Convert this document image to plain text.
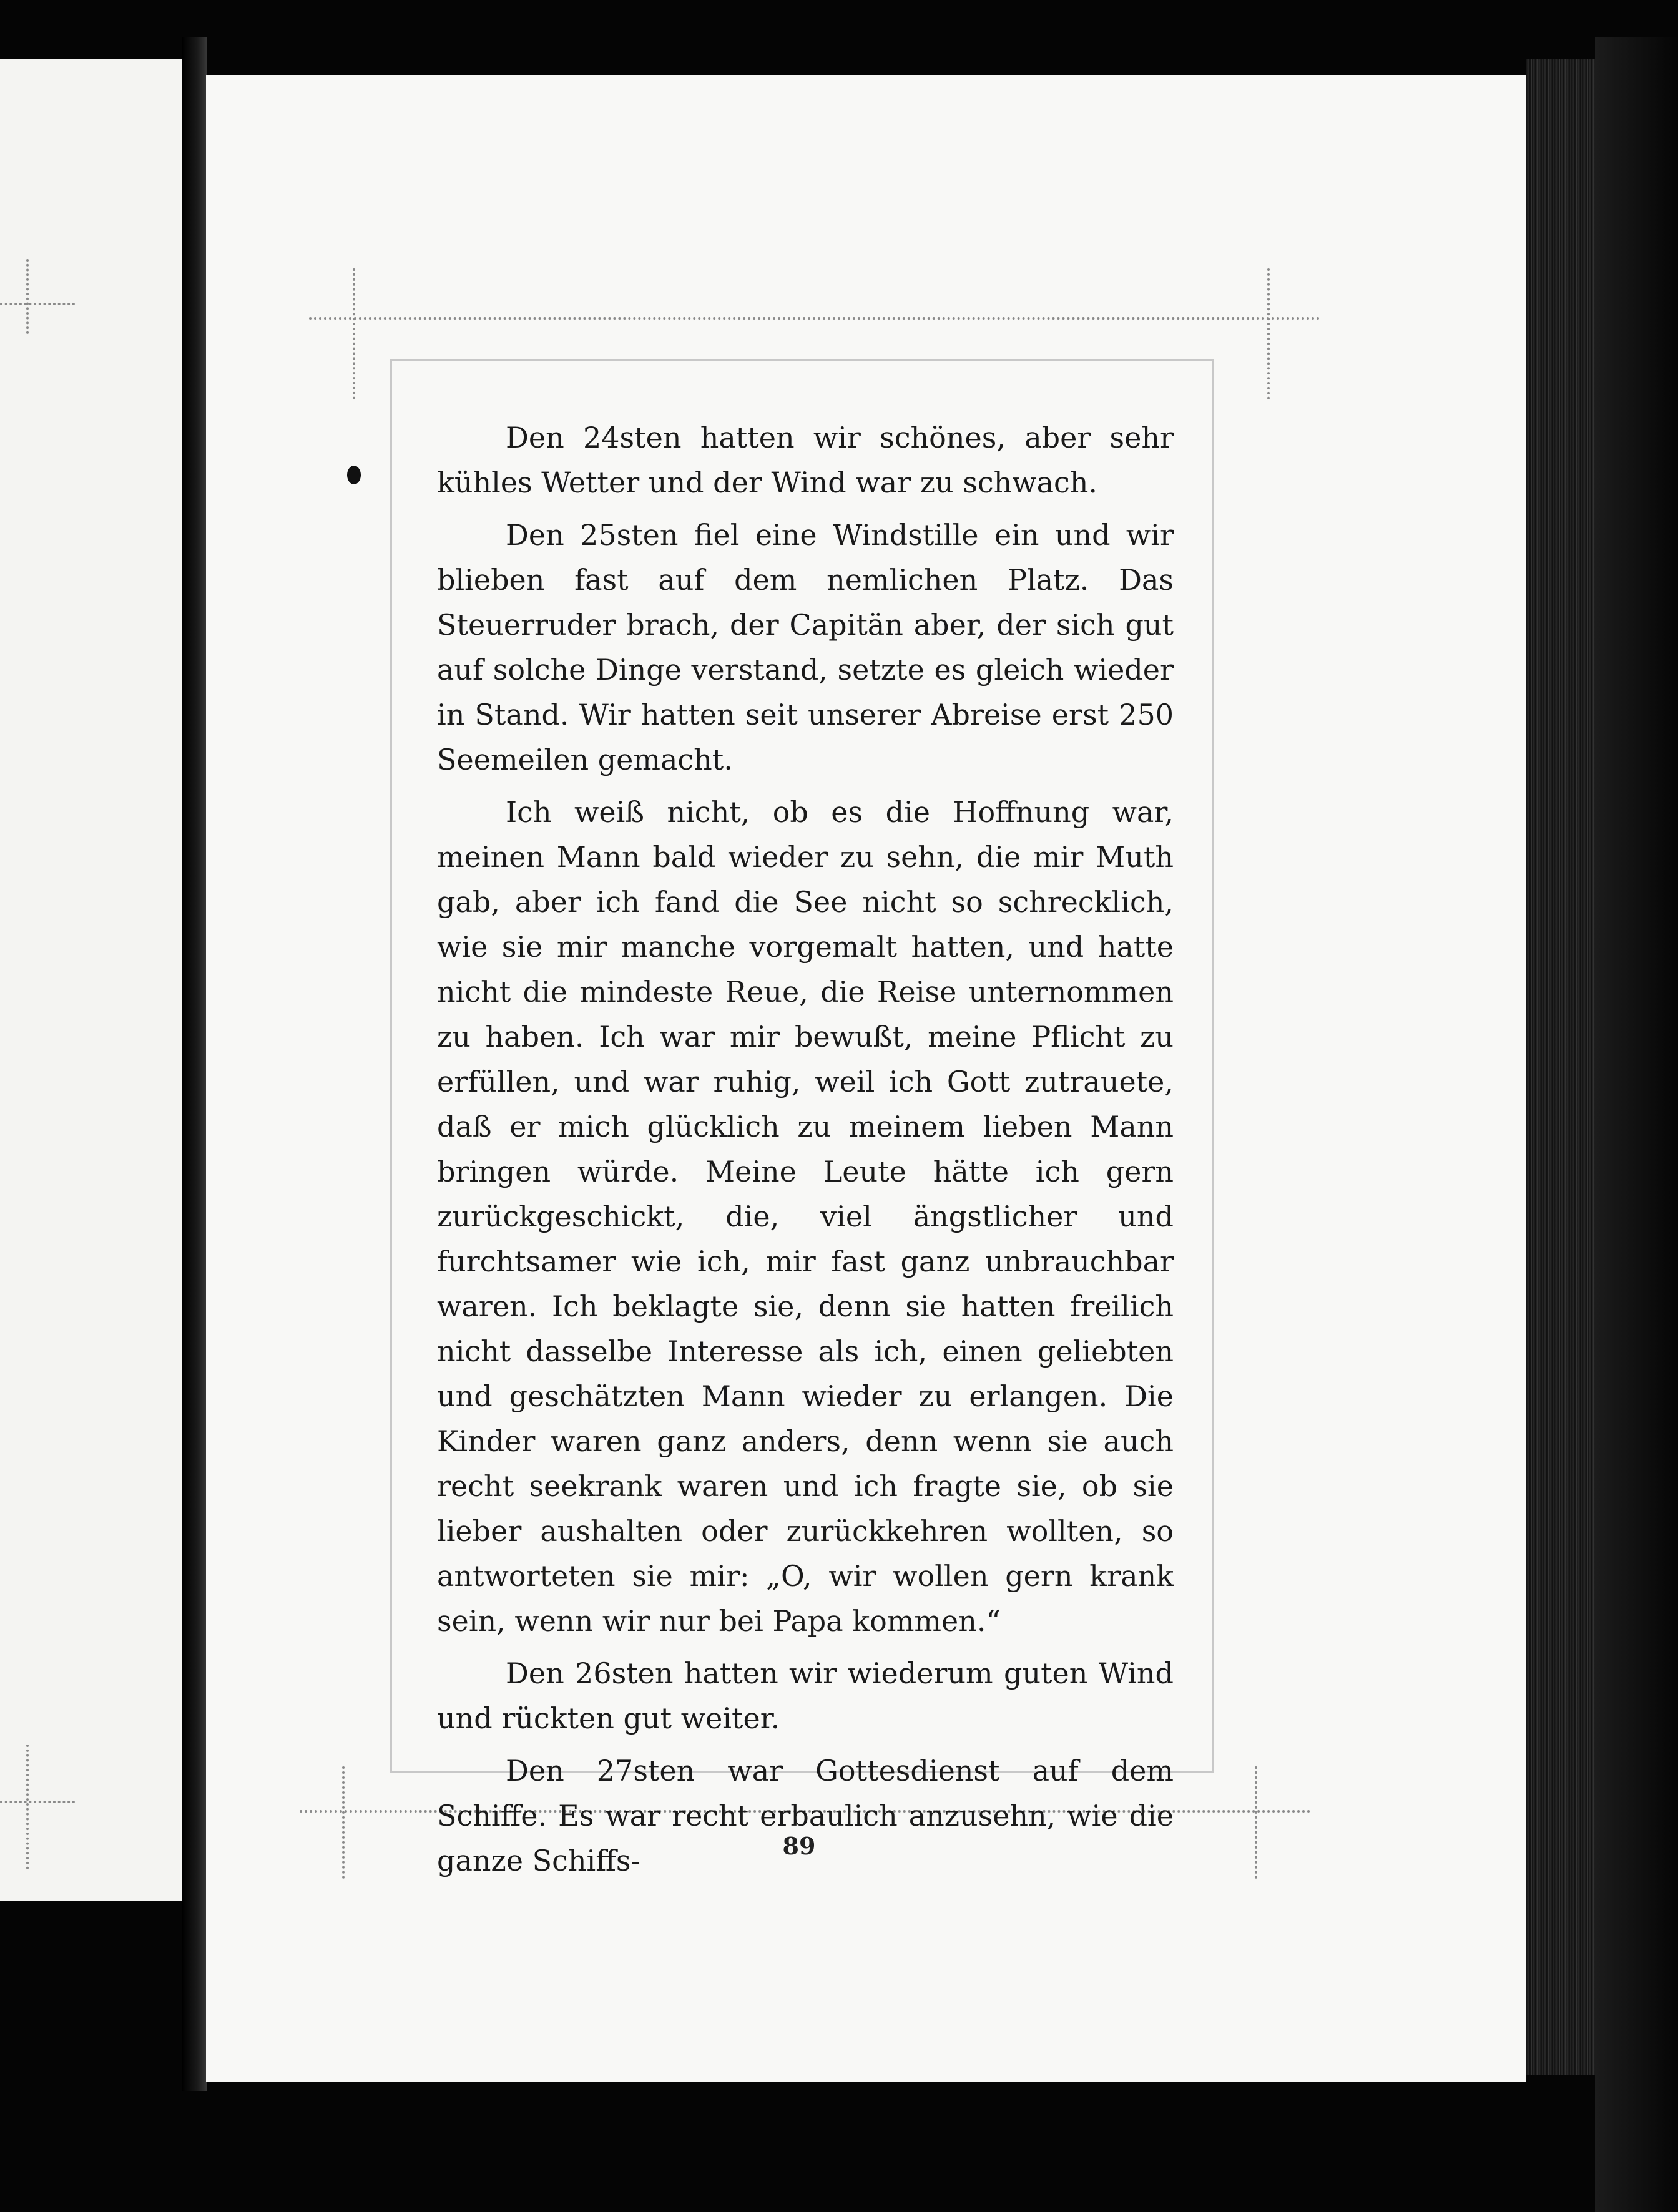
Den 24sten hatten wir schönes, aber sehr kühles Wetter und der Wind war zu schwach.

Den 25sten fiel eine Windstille ein und wir blieben fast auf dem nemlichen Platz. Das Steuerruder brach, der Capitän aber, der sich gut auf solche Dinge verstand, setzte es gleich wieder in Stand. Wir hatten seit unserer Abreise erst 250 Seemeilen gemacht.

Ich weiß nicht, ob es die Hoffnung war, meinen Mann bald wieder zu sehn, die mir Muth gab, aber ich fand die See nicht so schrecklich, wie sie mir manche vorgemalt hatten, und hatte nicht die mindeste Reue, die Reise unternommen zu haben. Ich war mir bewußt, meine Pflicht zu erfüllen, und war ruhig, weil ich Gott zutrauete, daß er mich glücklich zu meinem lieben Mann bringen würde. Meine Leute hätte ich gern zurückgeschickt, die, viel ängstlicher und furchtsamer wie ich, mir fast ganz unbrauchbar waren. Ich beklagte sie, denn sie hatten freilich nicht dasselbe Interesse als ich, einen geliebten und geschätzten Mann wieder zu erlangen. Die Kinder waren ganz anders, denn wenn sie auch recht seekrank waren und ich fragte sie, ob sie lieber aushalten oder zurückkehren wollten, so antworteten sie mir: „O, wir wollen gern krank sein, wenn wir nur bei Papa kommen.“

Den 26sten hatten wir wiederum guten Wind und rückten gut weiter.

Den 27sten war Gottesdienst auf dem Schiffe. Es war recht erbaulich anzusehn, wie die ganze Schiffs-	89
